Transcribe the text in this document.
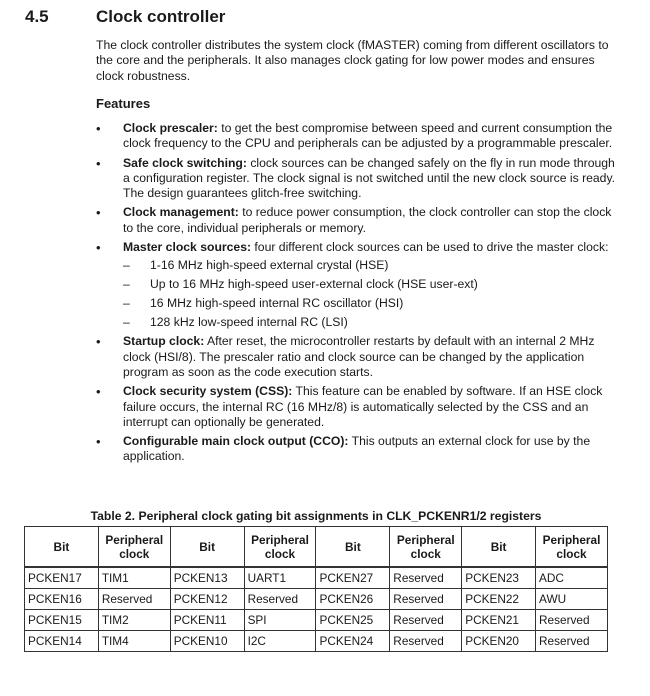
4.5	Clock controller
The clock controller distributes the system clock (fMASTER) coming from different oscillators to the core and the peripherals. It also manages clock gating for low power modes and ensures clock robustness.
Features
• Clock prescaler: to get the best compromise between speed and current consumption the clock frequency to the CPU and peripherals can be adjusted by a programmable prescaler.
• Safe clock switching: clock sources can be changed safely on the fly in run mode through a configuration register. The clock signal is not switched until the new clock source is ready. The design guarantees glitch-free switching.
• Clock management: to reduce power consumption, the clock controller can stop the clock to the core, individual peripherals or memory.
• Master clock sources: four different clock sources can be used to drive the master clock:
– 1-16 MHz high-speed external crystal (HSE)
– Up to 16 MHz high-speed user-external clock (HSE user-ext)
– 16 MHz high-speed internal RC oscillator (HSI)
– 128 kHz low-speed internal RC (LSI)
• Startup clock: After reset, the microcontroller restarts by default with an internal 2 MHz clock (HSI/8). The prescaler ratio and clock source can be changed by the application program as soon as the code execution starts.
• Clock security system (CSS): This feature can be enabled by software. If an HSE clock failure occurs, the internal RC (16 MHz/8) is automatically selected by the CSS and an interrupt can optionally be generated.
• Configurable main clock output (CCO): This outputs an external clock for use by the application.
Table 2. Peripheral clock gating bit assignments in CLK_PCKENR1/2 registers
Bit	Peripheral clock	Bit	Peripheral clock	Bit	Peripheral clock	Bit	Peripheral clock
PCKEN17	TIM1	PCKEN13	UART1	PCKEN27	Reserved	PCKEN23	ADC
PCKEN16	Reserved	PCKEN12	Reserved	PCKEN26	Reserved	PCKEN22	AWU
PCKEN15	TIM2	PCKEN11	SPI	PCKEN25	Reserved	PCKEN21	Reserved
PCKEN14	TIM4	PCKEN10	I2C	PCKEN24	Reserved	PCKEN20	Reserved
